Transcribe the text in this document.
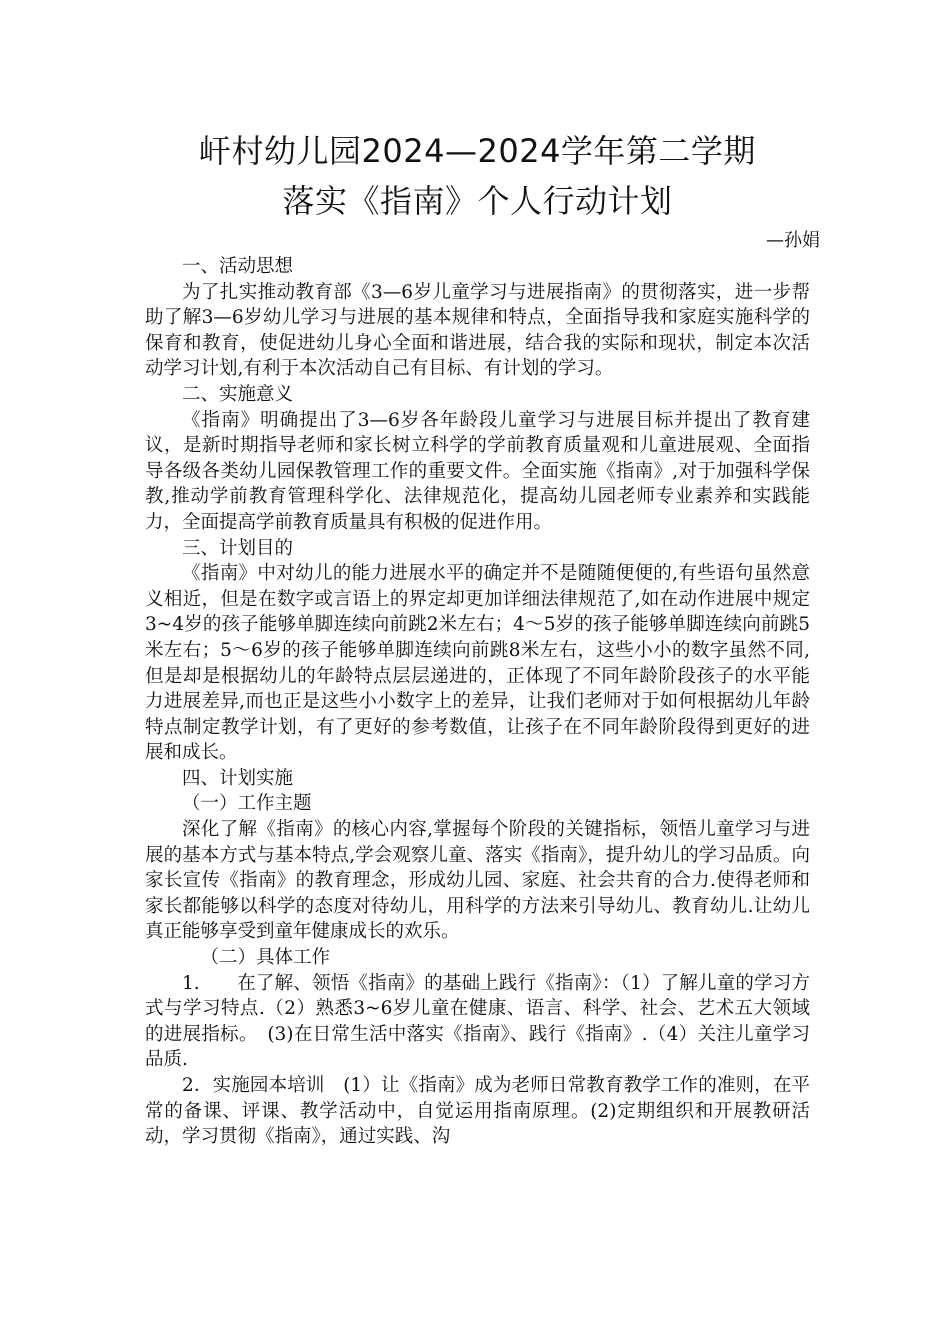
屽村幼儿园2024—2024学年第二学期
落实《指南》个人行动计划
—孙娟

一、活动思想

为了扎实推动教育部《3—6岁儿童学习与进展指南》的贯彻落实，进一步帮助了解3—6岁幼儿学习与进展的基本规律和特点，全面指导我和家庭实施科学的保育和教育，使促进幼儿身心全面和谐进展，结合我的实际和现状，制定本次活动学习计划,有利于本次活动自己有目标、有计划的学习。

二、实施意义

《指南》明确提出了3—6岁各年龄段儿童学习与进展目标并提出了教育建议，是新时期指导老师和家长树立科学的学前教育质量观和儿童进展观、全面指导各级各类幼儿园保教管理工作的重要文件。全面实施《指南》,对于加强科学保教,推动学前教育管理科学化、法律规范化，提高幼儿园老师专业素养和实践能力，全面提高学前教育质量具有积极的促进作用。

三、计划目的

《指南》中对幼儿的能力进展水平的确定并不是随随便便的,有些语句虽然意义相近，但是在数字或言语上的界定却更加详细法律规范了,如在动作进展中规定3~4岁的孩子能够单脚连续向前跳2米左右；4～5岁的孩子能够单脚连续向前跳5米左右；5～6岁的孩子能够单脚连续向前跳8米左右，这些小小的数字虽然不同,但是却是根据幼儿的年龄特点层层递进的，正体现了不同年龄阶段孩子的水平能力进展差异,而也正是这些小小数字上的差异，让我们老师对于如何根据幼儿年龄特点制定教学计划，有了更好的参考数值，让孩子在不同年龄阶段得到更好的进展和成长。

四、计划实施

（一）工作主题

深化了解《指南》的核心内容,掌握每个阶段的关键指标，领悟儿童学习与进展的基本方式与基本特点,学会观察儿童、落实《指南》，提升幼儿的学习品质。向家长宣传《指南》的教育理念，形成幼儿园、家庭、社会共育的合力.使得老师和家长都能够以科学的态度对待幼儿，用科学的方法来引导幼儿、教育幼儿.让幼儿真正能够享受到童年健康成长的欢乐。

（二）具体工作

1.　　在了解、领悟《指南》的基础上践行《指南》：（1）了解儿童的学习方式与学习特点.（2）熟悉3~6岁儿童在健康、语言、科学、社会、艺术五大领域的进展指标。　(3)在日常生活中落实《指南》、践行《指南》.（4）关注儿童学习品质.

2．实施园本培训　(1）让《指南》成为老师日常教育教学工作的准则，在平常的备课、评课、教学活动中，自觉运用指南原理。(2)定期组织和开展教研活动，学习贯彻《指南》，通过实践、沟
